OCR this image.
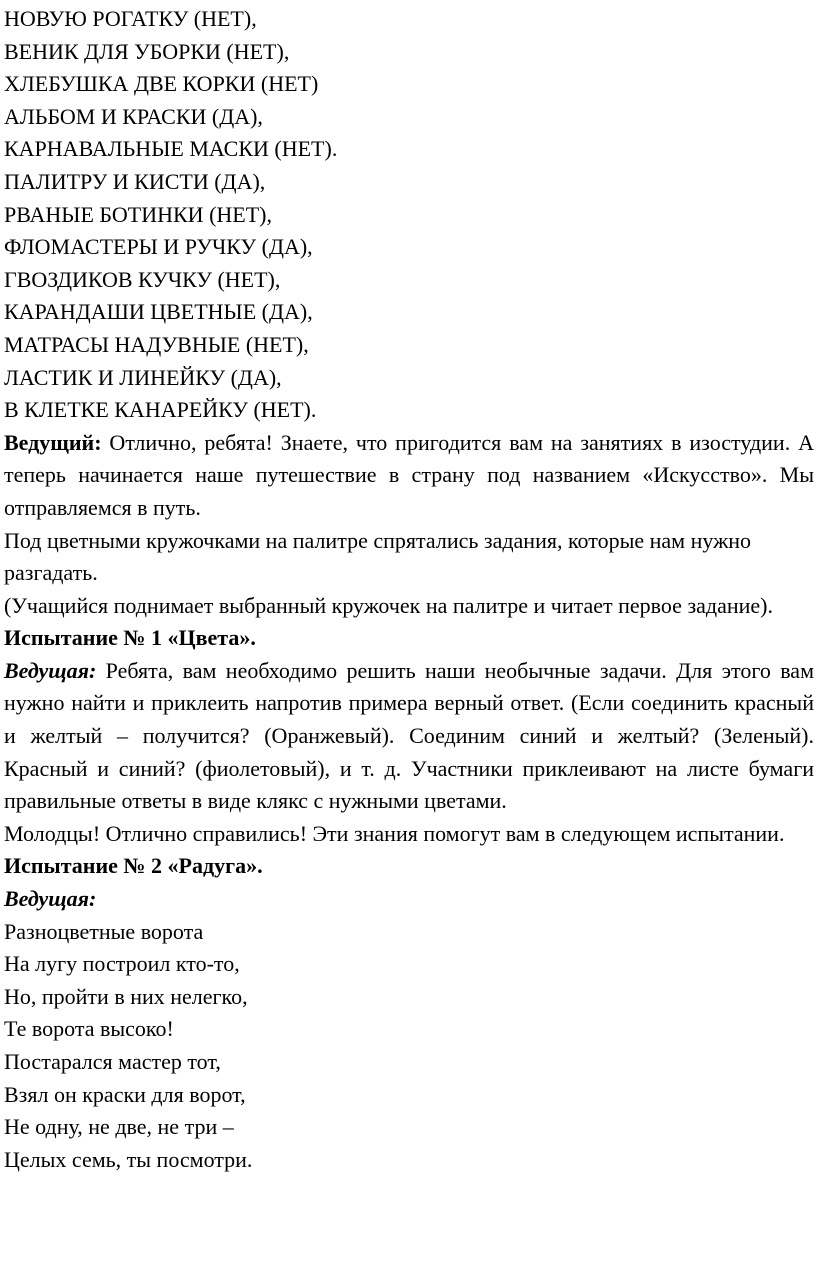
НОВУЮ РОГАТКУ (НЕТ),

ВЕНИК ДЛЯ УБОРКИ (НЕТ),

ХЛЕБУШКА ДВЕ КОРКИ (НЕТ)

АЛЬБОМ И КРАСКИ (ДА),

КАРНАВАЛЬНЫЕ МАСКИ (НЕТ).

ПАЛИТРУ И КИСТИ (ДА),

РВАНЫЕ БОТИНКИ (НЕТ),

ФЛОМАСТЕРЫ И РУЧКУ (ДА),

ГВОЗДИКОВ КУЧКУ (НЕТ),

КАРАНДАШИ ЦВЕТНЫЕ (ДА),

МАТРАСЫ НАДУВНЫЕ (НЕТ),

ЛАСТИК И ЛИНЕЙКУ (ДА),

В КЛЕТКЕ КАНАРЕЙКУ (НЕТ).

Ведущий: Отлично, ребята! Знаете, что пригодится вам на занятиях в изостудии. А теперь начинается наше путешествие в страну под названием «Искусство». Мы отправляемся в путь.

Под цветными кружочками на палитре спрятались задания, которые нам нужно разгадать.

(Учащийся поднимает выбранный кружочек на палитре и читает первое задание).

Испытание № 1 «Цвета».

Ведущая: Ребята, вам необходимо решить наши необычные задачи. Для этого вам нужно найти и приклеить напротив примера верный ответ. (Если соединить красный и желтый – получится? (Оранжевый). Соединим синий и желтый? (Зеленый). Красный и синий? (фиолетовый), и т. д. Участники приклеивают на листе бумаги правильные ответы в виде клякс с нужными цветами.

Молодцы! Отлично справились! Эти знания помогут вам в следующем испытании.

Испытание № 2 «Радуга».

Ведущая:

Разноцветные ворота

На лугу построил кто-то,

Но, пройти в них нелегко,

Те ворота высоко!

Постарался мастер тот,

Взял он краски для ворот,

Не одну, не две, не три –

Целых семь, ты посмотри.
